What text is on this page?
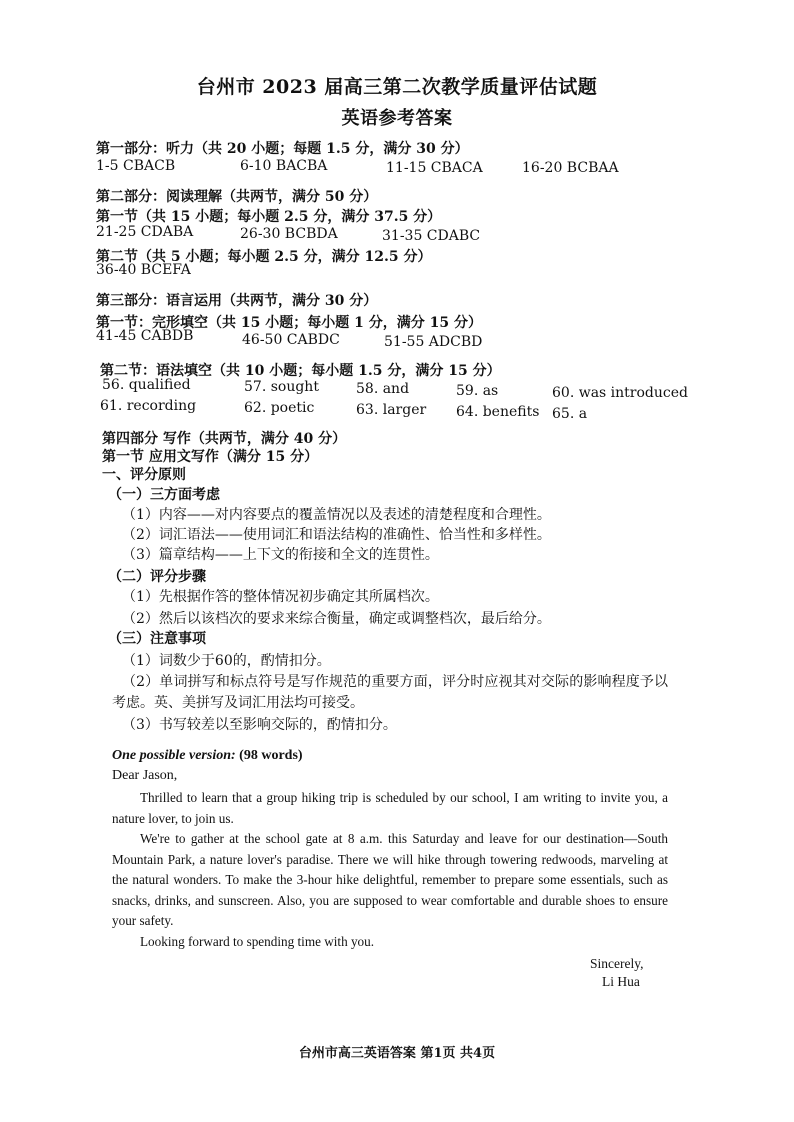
台州市 2023 届高三第二次教学质量评估试题
英语参考答案
第一部分：听力（共 20 小题；每题 1.5 分，满分 30 分）
1-5 CBACB	6-10 BACBA	11-15 CBACA	16-20 BCBAA
第二部分：阅读理解（共两节，满分 50 分）
第一节（共 15 小题；每小题 2.5 分，满分 37.5 分）
21-25 CDABA	26-30 BCBDA	31-35 CDABC
第二节（共 5 小题；每小题 2.5 分，满分 12.5 分）
36-40 BCEFA
第三部分：语言运用（共两节，满分 30 分）
第一节：完形填空（共 15 小题；每小题 1 分，满分 15 分）
41-45 CABDB	46-50 CABDC	51-55 ADCBD
第二节：语法填空（共 10 小题；每小题 1.5 分，满分 15 分）
56. qualified	57. sought	58. and	59. as	60. was introduced
61. recording	62. poetic	63. larger 64. benefits 65. a
第四部分 写作（共两节，满分 40 分）
第一节 应用文写作（满分 15 分）
一、评分原则
（一）三方面考虑
（1）内容——对内容要点的覆盖情况以及表述的清楚程度和合理性。
（2）词汇语法——使用词汇和语法结构的准确性、恰当性和多样性。
（3）篇章结构——上下文的衔接和全文的连贯性。
（二）评分步骤
（1）先根据作答的整体情况初步确定其所属档次。
（2）然后以该档次的要求来综合衡量，确定或调整档次，最后给分。
（三）注意事项
（1）词数少于60的，酌情扣分。
（2）单词拼写和标点符号是写作规范的重要方面，评分时应视其对交际的影响程度予以考虑。英、美拼写及词汇用法均可接受。
（3）书写较差以至影响交际的，酌情扣分。
One possible version: (98 words)
Dear Jason,
Thrilled to learn that a group hiking trip is scheduled by our school, I am writing to invite you, a nature lover, to join us.
We're to gather at the school gate at 8 a.m. this Saturday and leave for our destination—South Mountain Park, a nature lover's paradise. There we will hike through towering redwoods, marveling at the natural wonders. To make the 3-hour hike delightful, remember to prepare some essentials, such as snacks, drinks, and sunscreen. Also, you are supposed to wear comfortable and durable shoes to ensure your safety.
Looking forward to spending time with you.
Sincerely,
Li Hua
台州市高三英语答案 第1页 共4页
